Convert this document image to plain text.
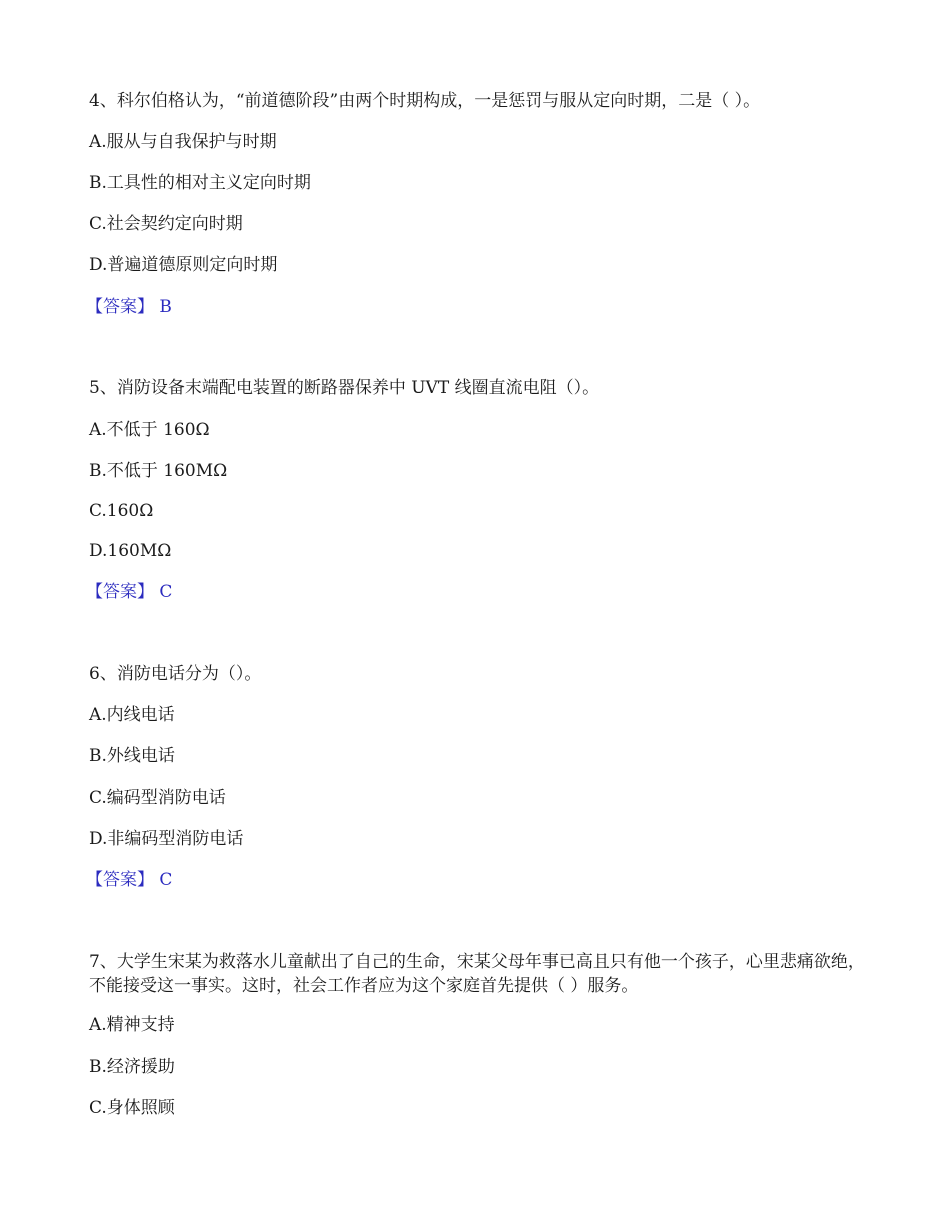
4、科尔伯格认为，“前道德阶段”由两个时期构成，一是惩罚与服从定向时期，二是（ ）。
A.服从与自我保护与时期
B.工具性的相对主义定向时期
C.社会契约定向时期
D.普遍道德原则定向时期
【答案】 B
5、消防设备末端配电装置的断路器保养中 UVT 线圈直流电阻（）。
A.不低于 160Ω
B.不低于 160MΩ
C.160Ω
D.160MΩ
【答案】 C
6、消防电话分为（）。
A.内线电话
B.外线电话
C.编码型消防电话
D.非编码型消防电话
【答案】 C
7、大学生宋某为救落水儿童献出了自己的生命，宋某父母年事已高且只有他一个孩子，心里悲痛欲绝，不能接受这一事实。这时，社会工作者应为这个家庭首先提供（ ）服务。
A.精神支持
B.经济援助
C.身体照顾
